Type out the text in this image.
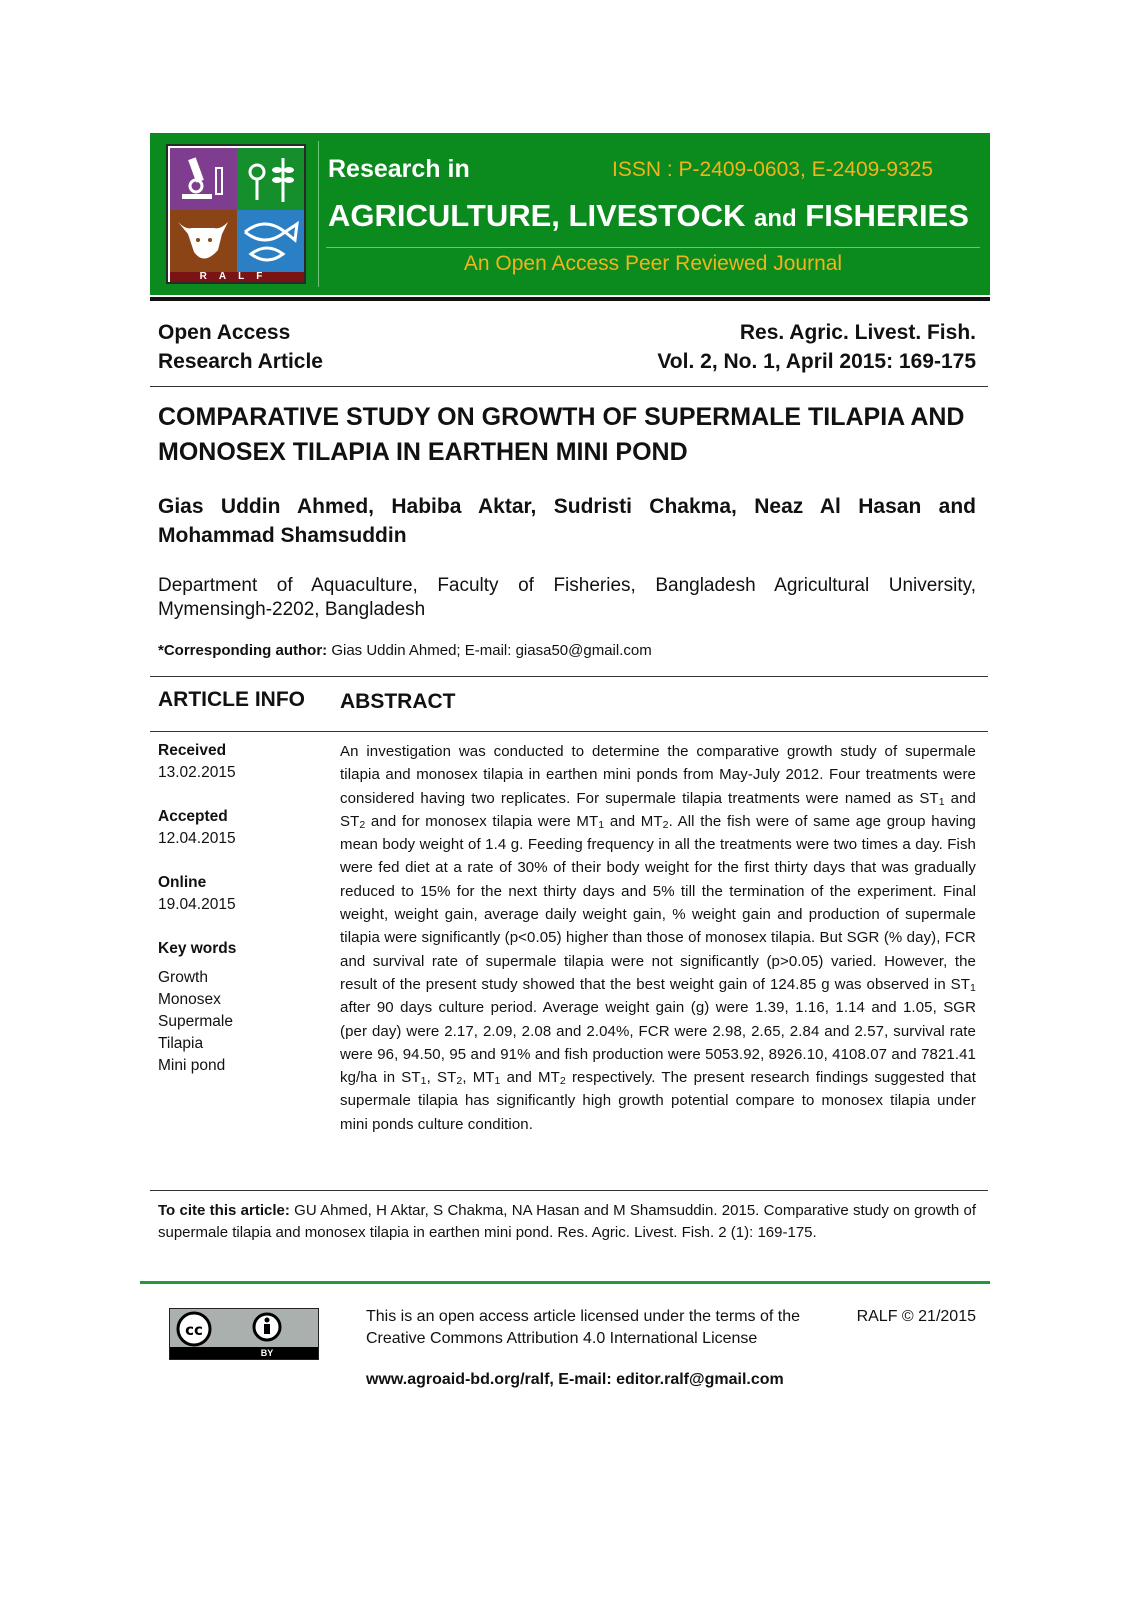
RALF
Research in	ISSN : P-2409-0603, E-2409-9325
AGRICULTURE, LIVESTOCK and FISHERIES
An Open Access Peer Reviewed Journal
Open Access
Research Article
Res. Agric. Livest. Fish.
Vol. 2, No. 1, April 2015: 169-175
COMPARATIVE STUDY ON GROWTH OF SUPERMALE TILAPIA AND MONOSEX TILAPIA IN EARTHEN MINI POND
Gias Uddin Ahmed, Habiba Aktar, Sudristi Chakma, Neaz Al Hasan and Mohammad Shamsuddin
Department of Aquaculture, Faculty of Fisheries, Bangladesh Agricultural University, Mymensingh-2202, Bangladesh
*Corresponding author: Gias Uddin Ahmed; E-mail: giasa50@gmail.com
ARTICLE INFO ABSTRACT
Received
13.02.2015
Accepted
12.04.2015
Online
19.04.2015
Key words
Growth
Monosex
Supermale
Tilapia
Mini pond
An investigation was conducted to determine the comparative growth study of supermale tilapia and monosex tilapia in earthen mini ponds from May-July 2012. Four treatments were considered having two replicates. For supermale tilapia treatments were named as $ST_1$ and $ST_2$ and for monosex tilapia were $MT_1$ and $MT_2$. All the fish were of same age group having mean body weight of 1.4 g. Feeding frequency in all the treatments were two times a day. Fish were fed diet at a rate of 30% of their body weight for the first thirty days that was gradually reduced to 15% for the next thirty days and 5% till the termination of the experiment. Final weight, weight gain, average daily weight gain, % weight gain and production of supermale tilapia were significantly (p<0.05) higher than those of monosex tilapia. But SGR (% day), FCR and survival rate of supermale tilapia were not significantly (p>0.05) varied. However, the result of the present study showed that the best weight gain of 124.85 g was observed in $ST_1$ after 90 days culture period. Average weight gain (g) were 1.39, 1.16, 1.14 and 1.05, SGR (per day) were 2.17, 2.09, 2.08 and 2.04%, FCR were 2.98, 2.65, 2.84 and 2.57, survival rate were 96, 94.50, 95 and 91% and fish production were 5053.92, 8926.10, 4108.07 and 7821.41 kg/ha in $ST_1$, $ST_2$, $MT_1$ and $MT_2$ respectively. The present research findings suggested that supermale tilapia has significantly high growth potential compare to monosex tilapia under mini ponds culture condition.
To cite this article: GU Ahmed, H Aktar, S Chakma, NA Hasan and M Shamsuddin. 2015. Comparative study on growth of supermale tilapia and monosex tilapia in earthen mini pond. Res. Agric. Livest. Fish. 2 (1): 169-175.
cc
BY
This is an open access article licensed under the terms of the Creative Commons Attribution 4.0 International License
RALF © 21/2015
www.agroaid-bd.org/ralf, E-mail: editor.ralf@gmail.com
